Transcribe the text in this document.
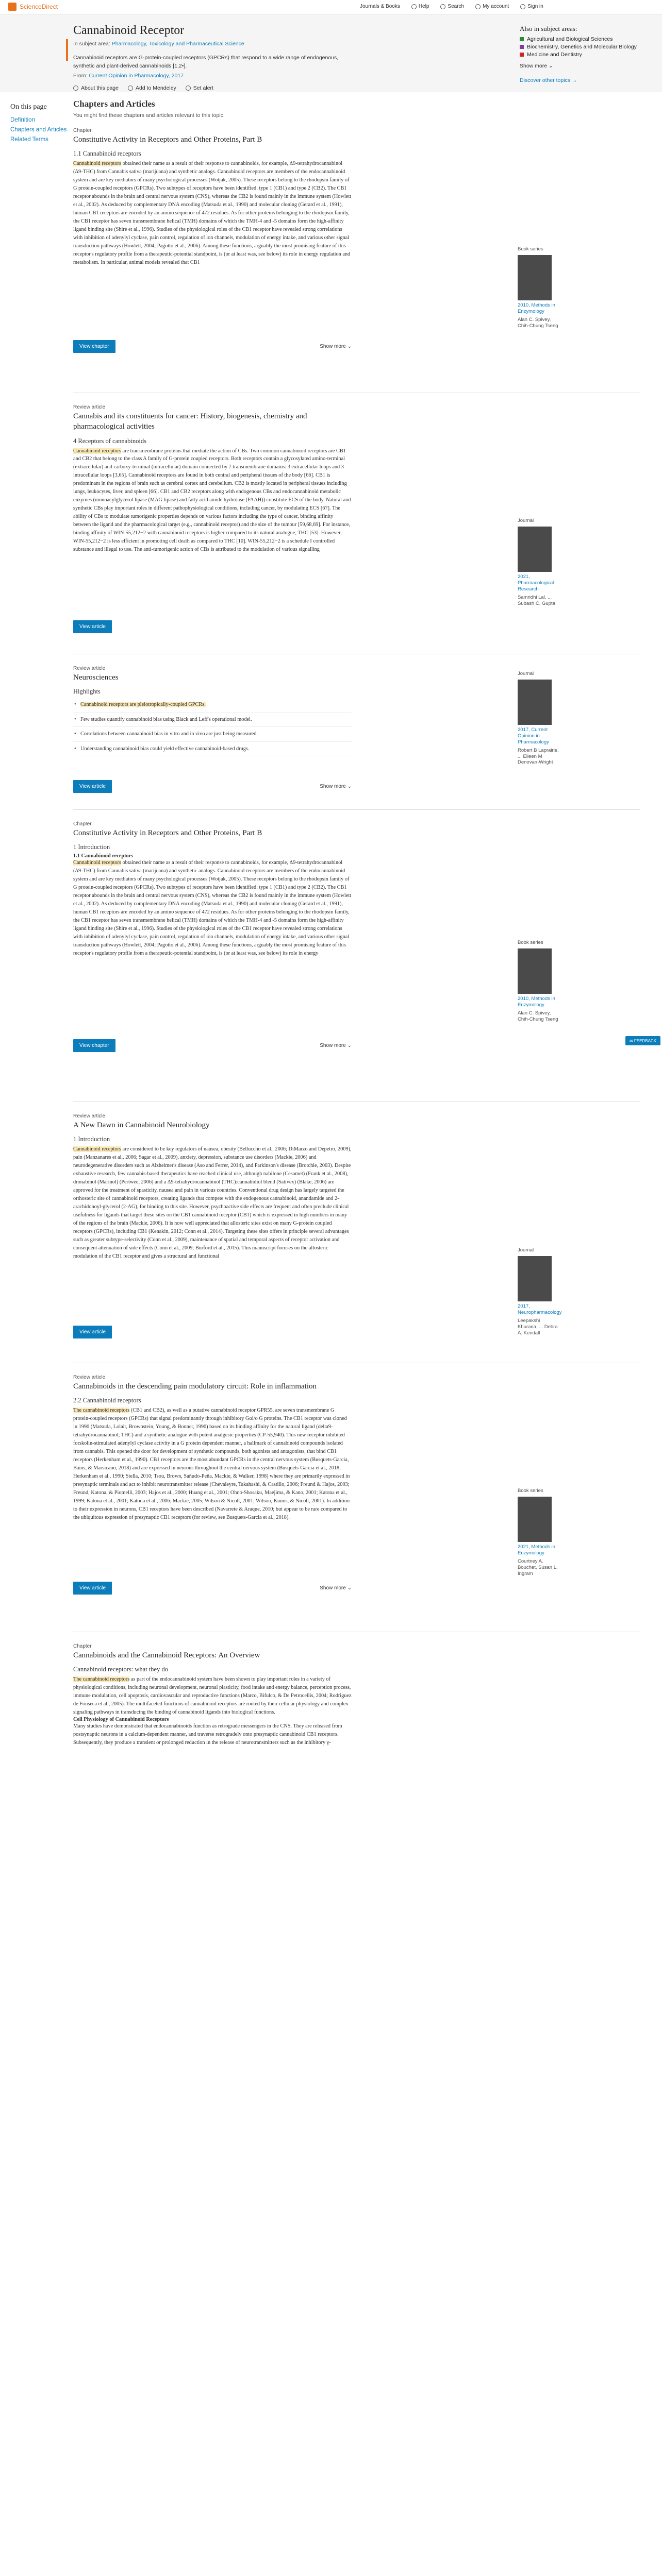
ScienceDirect	Journals & Books	Help	Search	My account	Sign in
Cannabinoid Receptor
In subject area: Pharmacology, Toxicology and Pharmaceutical Science
Cannabinoid receptors are G-protein-coupled receptors (GPCRs) that respond to a wide range of endogenous, synthetic and plant-derived cannabinoids [1,2•].
From: Current Opinion in Pharmacology, 2017
About this page	Add to Mendeley	Set alert
Also in subject areas:
Agricultural and Biological Sciences
Biochemistry, Genetics and Molecular Biology
Medicine and Dentistry
Show more ⌄
Discover other topics →
On this page
Definition
Chapters and Articles
Related Terms
Chapters and Articles
You might find these chapters and articles relevant to this topic.
Chapter
Constitutive Activity in Receptors and Other Proteins, Part B
1.1 Cannabinoid receptors

Cannabinoid receptors obtained their name as a result of their response to cannabinoids, for example, Δ9-tetrahydrocannabinol (Δ9-THC) from Cannabis sativa (marijuana) and synthetic analogs. Cannabinoid receptors are members of the endocannabinoid system and are key mediators of many psychological processes (Wotjak, 2005). These receptors belong to the rhodopsin family of G protein-coupled receptors (GPCRs). Two subtypes of receptors have been identified: type 1 (CB1) and type 2 (CB2). The CB1 receptor abounds in the brain and central nervous system (CNS), whereas the CB2 is found mainly in the immune system (Howlett et al., 2002). As deduced by complementary DNA encoding (Matsuda et al., 1990) and molecular cloning (Gerard et al., 1991), human CB1 receptors are encoded by an amino sequence of 472 residues. As for other proteins belonging to the rhodopsin family, the CB1 receptor has seven transmembrane helical (TMH) domains of which the TMH-4 and -5 domains form the high-affinity ligand binding site (Shire et al., 1996). Studies of the physiological roles of the CB1 receptor have revealed strong correlations with inhibition of adenylyl cyclase, pain control, regulation of ion channels, modulation of energy intake, and various other signal transduction pathways (Howlett, 2004; Pagotto et al., 2006). Among these functions, arguably the most promising feature of this receptor's regulatory profile from a therapeutic-potential standpoint, is (or at least was, see below) its role in energy regulation and metabolism. In particular, animal models revealed that CB1

View chapter	Show more ⌄
Book series
2010, Methods in Enzymology
Alan C. Spivey, Chih-Chung Tseng
Review article
Cannabis and its constituents for cancer: History, biogenesis, chemistry and pharmacological activities
4 Receptors of cannabinoids

Cannabinoid receptors are transmembrane proteins that mediate the action of CBs. Two common cannabinoid receptors are CB1 and CB2 that belong to the class A family of G-protein coupled receptors. Both receptors contain a glycosylated amino-terminal (extracellular) and carboxy-terminal (intracellular) domain connected by 7 transmembrane domains: 3 extracellular loops and 3 intracellular loops [3,65]. Cannabinoid receptors are found in both central and peripheral tissues of the body [66]. CB1 is predominant in the regions of brain such as cerebral cortex and cerebellum. CB2 is mostly located in peripheral tissues including lungs, leukocytes, liver, and spleen [66]. CB1 and CB2 receptors along with endogenous CBs and endocannabinoid metabolic enzymes (monoacylglycerol lipase (MAG lipase) and fatty acid amide hydrolase (FAAH)) constitute ECS of the body. Natural and synthetic CBs play important roles in different pathophysiological conditions, including cancer, by modulating ECS [67]. The ability of CBs to modulate tumorigenic properties depends on various factors including the type of cancer, binding affinity between the ligand and the pharmacological target (e.g., cannabinoid receptor) and the size of the tumour [59,68,69]. For instance, binding affinity of WIN-55,212−2 with cannabinoid receptors is higher compared to its natural analogue, THC [53]. However, WIN-55,212−2 is less efficient in promoting cell death as compared to THC [10]. WIN-55,212−2 is a schedule I controlled substance and illegal to use. The anti-tumorigenic action of CBs is attributed to the modulation of various signalling

View article
Journal
2021, Pharmacological Research
Samridhi Lal, ... Subash C. Gupta
Review article
Neurosciences
Highlights
• Cannabinoid receptors are pleiotropically-coupled GPCRs.
• Few studies quantify cannabinoid bias using Black and Leff's operational model.
• Correlations between cannabinoid bias in vitro and in vivo are just being measured.
• Understanding cannabinoid bias could yield effective cannabinoid-based drugs.
View article	Show more ⌄
Journal
2017, Current Opinion in Pharmacology
Robert B Laprairie, ... Eileen M Denovan-Wright
Chapter
Constitutive Activity in Receptors and Other Proteins, Part B
1 Introduction
1.1 Cannabinoid receptors

Cannabinoid receptors obtained their name as a result of their response to cannabinoids, for example, Δ9-tetrahydrocannabinol (Δ9-THC) from Cannabis sativa (marijuana) and synthetic analogs. Cannabinoid receptors are members of the endocannabinoid system and are key mediators of many psychological processes (Wotjak, 2005). These receptors belong to the rhodopsin family of G protein-coupled receptors (GPCRs). Two subtypes of receptors have been identified: type 1 (CB1) and type 2 (CB2). The CB1 receptor abounds in the brain and central nervous system (CNS), whereas the CB2 is found mainly in the immune system (Howlett et al., 2002). As deduced by complementary DNA encoding (Matsuda et al., 1990) and molecular cloning (Gerard et al., 1991), human CB1 receptors are encoded by an amino sequence of 472 residues. As for other proteins belonging to the rhodopsin family, the CB1 receptor has seven transmembrane helical (TMH) domains of which the TMH-4 and -5 domains form the high-affinity ligand binding site (Shire et al., 1996). Studies of the physiological roles of the CB1 receptor have revealed strong correlations with inhibition of adenylyl cyclase, pain control, regulation of ion channels, modulation of energy intake, and various other signal transduction pathways (Howlett, 2004; Pagotto et al., 2006). Among these functions, arguably the most promising feature of this receptor's regulatory profile from a therapeutic-potential standpoint, is (or at least was, see below) its role in energy

View chapter	Show more ⌄
Book series
2010, Methods in Enzymology
Alan C. Spivey, Chih-Chung Tseng
Review article
A New Dawn in Cannabinoid Neurobiology
1 Introduction

Cannabinoid receptors are considered to be key regulators of nausea, obesity (Belluccho et al., 2006; DiMarzo and Depetro, 2009), pain (Manzanares et al., 2006; Sagar et al., 2009), anxiety, depression, substance use disorders (Mackie, 2006) and neurodegenerative disorders such as Alzheimer's disease (Aso and Ferrer, 2014), and Parkinson's disease (Brotchie, 2003). Despite exhaustive research, few cannabis-based therapeutics have reached clinical use, although nabilone (Cesamet) (Frank et al., 2008), dronabinol (Marinol) (Pertwee, 2006) and a Δ9-tetrahydrocannabinol (THC):cannabidiol blend (Sativex) (Blake, 2006) are approved for the treatment of spasticity, nausea and pain in various countries. Conventional drug design has largely targeted the orthosteric site of cannabinoid receptors, creating ligands that compete with the endogenous cannabinoid, anandamide and 2-arachidonoyl-glycerol (2-AG), for binding to this site. However, psychoactive side effects are frequent and often preclude clinical usefulness for ligands that target these sites on the CB1 cannabinoid receptor (CB1) which is expressed in high numbers in many of the regions of the brain (Mackie, 2006). It is now well appreciated that allosteric sites exist on many G-protein coupled receptors (GPCRs), including CB1 (Kenakin, 2012; Conn et al., 2014). Targeting these sites offers in principle several advantages such as greater subtype-selectivity (Conn et al., 2009), maintenance of spatial and temporal aspects of receptor activation and consequent attenuation of side effects (Conn et al., 2009; Burford et al., 2015). This manuscript focuses on the allosteric modulation of the CB1 receptor and gives a structural and functional

View article
Journal
2017, Neuropharmacology
Leepakshi Khurana, ... Debra A. Kendall
Review article
Cannabinoids in the descending pain modulatory circuit: Role in inflammation
2.2 Cannabinoid receptors

The cannabinoid receptors (CB1 and CB2), as well as a putative cannabinoid receptor GPR55, are seven transmembrane G protein-coupled receptors (GPCRs) that signal predominantly through inhibitory Gαi/o G proteins. The CB1 receptor was cloned in 1990 (Matsuda, Lolait, Brownstein, Young, & Bonner, 1990) based on its binding affinity for the natural ligand (delta9-tetrahydrocannabinol; THC) and a synthetic analogue with potent analgesic properties (CP-55,940). This new receptor inhibited forskolin-stimulated adenylyl cyclase activity in a G protein dependent manner, a hallmark of cannabinoid compounds isolated from cannabis. This opened the door for development of synthetic compounds, both agonists and antagonists, that bind CB1 receptors (Herkenham et al., 1990). CB1 receptors are the most abundant GPCRs in the central nervous system (Busquets-Garcia, Bains, & Marsicano, 2018) and are expressed in neurons throughout the central nervous system (Busquets-Garcia et al., 2018; Herkenham et al., 1990; Stella, 2010; Tsou, Brown, Sañudo-Peña, Mackie, & Walker, 1998) where they are primarily expressed in presynaptic terminals and act to inhibit neurotransmitter release (Chevaleyre, Takahashi, & Castillo, 2006; Freund & Hajos, 2003; Freund, Katona, & Piomelli, 2003; Hajos et al., 2000; Huang et al., 2001; Ohno-Shosaku, Maejima, & Kano, 2001; Katona et al., 1999; Katona et al., 2001; Katona et al., 2006; Mackie, 2005; Wilson & Nicoll, 2001; Wilson, Kunos, & Nicoll, 2001). In addition to their expression in neurons, CB1 receptors have been described (Navarrete & Araque, 2010; but appear to be rare compared to the ubiquitous expression of presynaptic CB1 receptors (for review, see Busquets-Garcia et al., 2018).

View article	Show more ⌄
Book series
2021, Methods in Enzymology
Courtney A. Bouchet, Susan L. Ingram
Chapter
Cannabinoids and the Cannabinoid Receptors: An Overview
Cannabinoid receptors: what they do

The cannabinoid receptors as part of the endocannabinoid system have been shown to play important roles in a variety of physiological conditions, including neuronal development, neuronal plasticity, food intake and energy balance, perception process, immune modulation, cell apoptosis, cardiovascular and reproductive functions (Marco, Bifulco, & De Petrocellis, 2004; Rodriguez de Fonseca et al., 2005). The multifaceted functions of cannabinoid receptors are rooted by their cellular physiology and complex signaling pathways in transducing the binding of cannabinoid ligands into biological functions.

Cell Physiology of Cannabinoid Receptors

Many studies have demonstrated that endocannabinoids function as retrograde messengers in the CNS. They are released from postsynaptic neurons in a calcium-dependent manner, and traverse retrogradely onto presynaptic cannabinoid CB1 receptors. Subsequently, they produce a transient or prolonged reduction in the release of neurotransmitters such as the inhibitory γ-

✉ FEEDBACK
